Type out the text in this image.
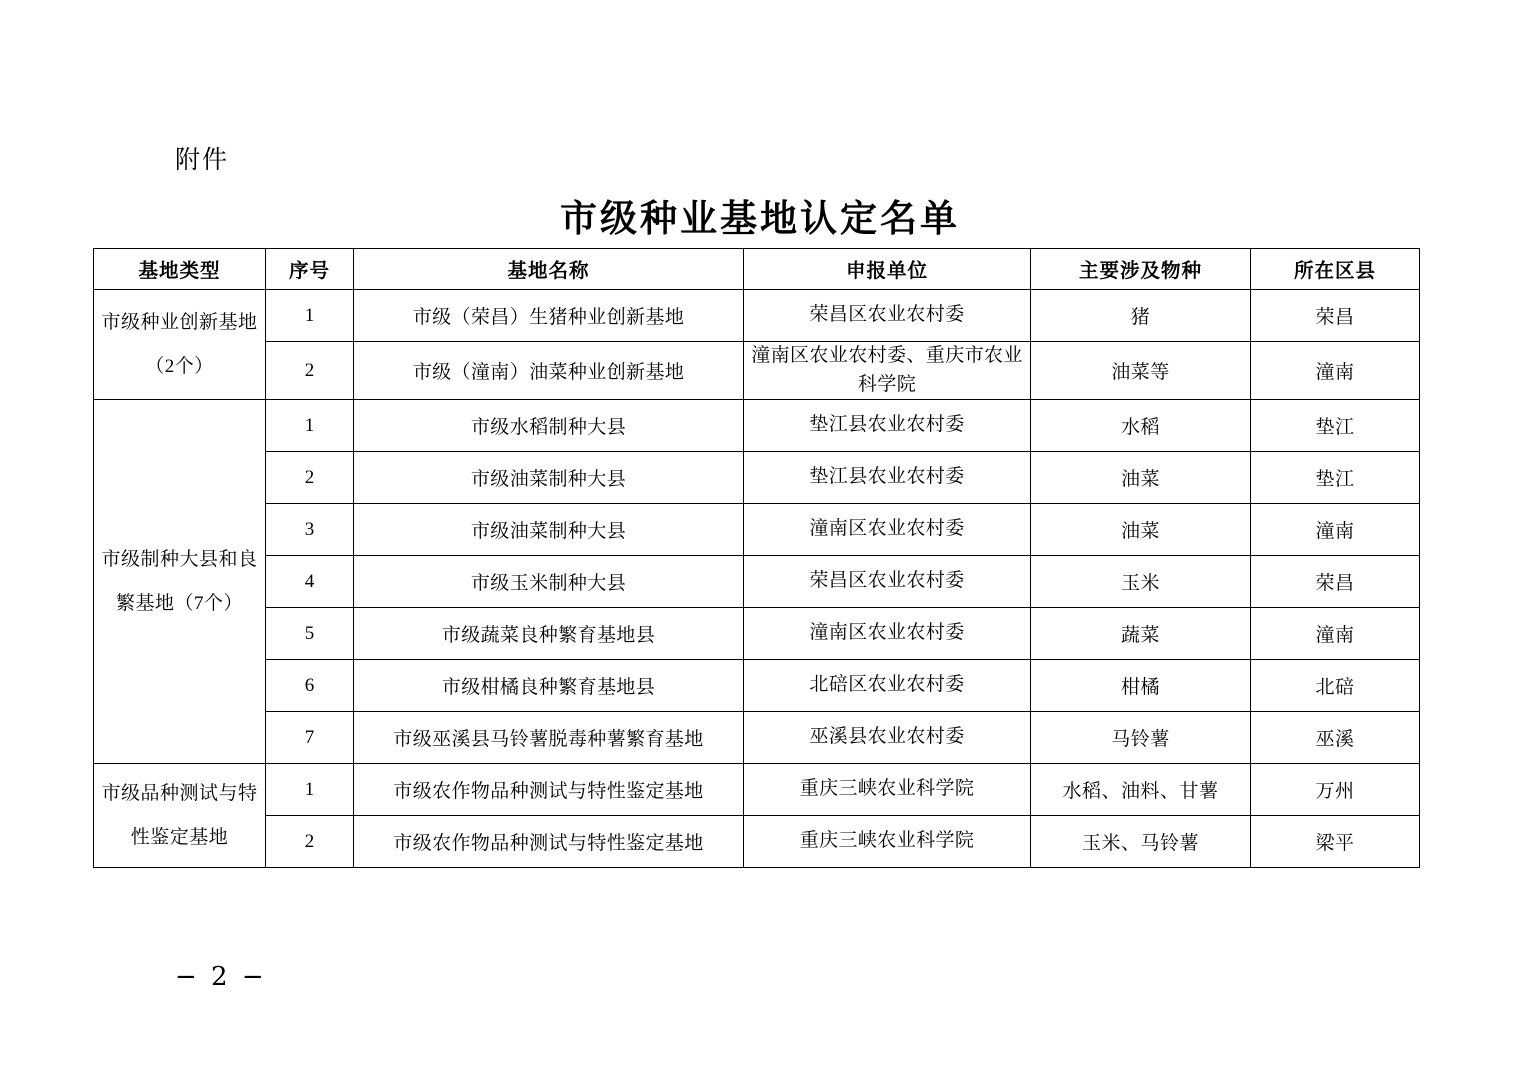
附件
市级种业基地认定名单
基地类型	序号	基地名称	申报单位	主要涉及物种	所在区县

市级种业创新基地
（2个）	1	市级（荣昌）生猪种业创新基地	荣昌区农业农村委	猪	荣昌
	2	市级（潼南）油菜种业创新基地	潼南区农业农村委、重庆市农业科学院	油菜等	潼南

市级制种大县和良
繁基地（7个）	1	市级水稻制种大县	垫江县农业农村委	水稻	垫江
	2	市级油菜制种大县	垫江县农业农村委	油菜	垫江
	3	市级油菜制种大县	潼南区农业农村委	油菜	潼南
	4	市级玉米制种大县	荣昌区农业农村委	玉米	荣昌
	5	市级蔬菜良种繁育基地县	潼南区农业农村委	蔬菜	潼南
	6	市级柑橘良种繁育基地县	北碚区农业农村委	柑橘	北碚
	7	市级巫溪县马铃薯脱毒种薯繁育基地	巫溪县农业农村委	马铃薯	巫溪

市级品种测试与特
性鉴定基地	1	市级农作物品种测试与特性鉴定基地	重庆三峡农业科学院	水稻、油料、甘薯	万州
	2	市级农作物品种测试与特性鉴定基地	重庆三峡农业科学院	玉米、马铃薯	梁平
− 2 −
